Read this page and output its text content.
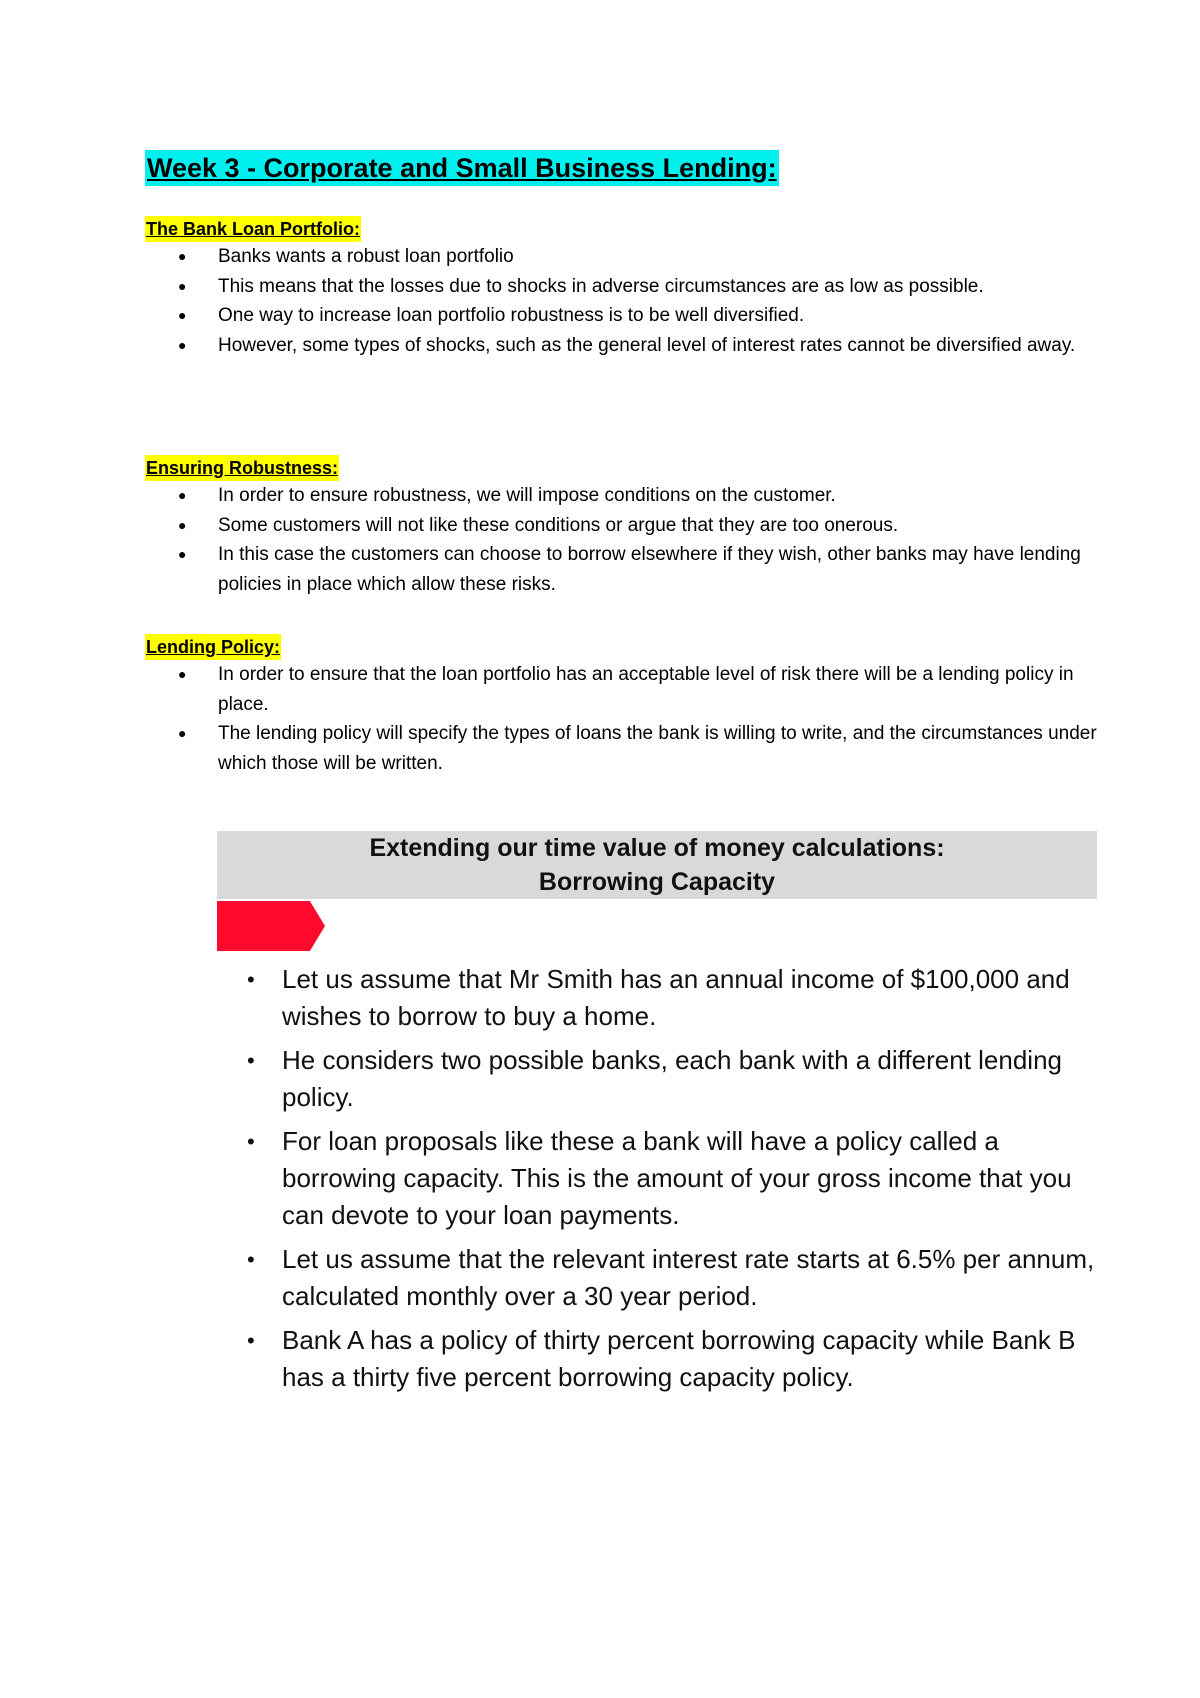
Week 3 - Corporate and Small Business Lending:
The Bank Loan Portfolio:
● Banks wants a robust loan portfolio
● This means that the losses due to shocks in adverse circumstances are as low as possible.
● One way to increase loan portfolio robustness is to be well diversified.
● However, some types of shocks, such as the general level of interest rates cannot be diversified away.
Ensuring Robustness:
● In order to ensure robustness, we will impose conditions on the customer.
● Some customers will not like these conditions or argue that they are too onerous.
● In this case the customers can choose to borrow elsewhere if they wish, other banks may have lending policies in place which allow these risks.
Lending Policy:
● In order to ensure that the loan portfolio has an acceptable level of risk there will be a lending policy in place.
● The lending policy will specify the types of loans the bank is willing to write, and the circumstances under which those will be written.
Extending our time value of money calculations:
Borrowing Capacity
• Let us assume that Mr Smith has an annual income of $100,000 and wishes to borrow to buy a home.
• He considers two possible banks, each bank with a different lending policy.
• For loan proposals like these a bank will have a policy called a borrowing capacity. This is the amount of your gross income that you can devote to your loan payments.
• Let us assume that the relevant interest rate starts at 6.5% per annum, calculated monthly over a 30 year period.
• Bank A has a policy of thirty percent borrowing capacity while Bank B has a thirty five percent borrowing capacity policy.
